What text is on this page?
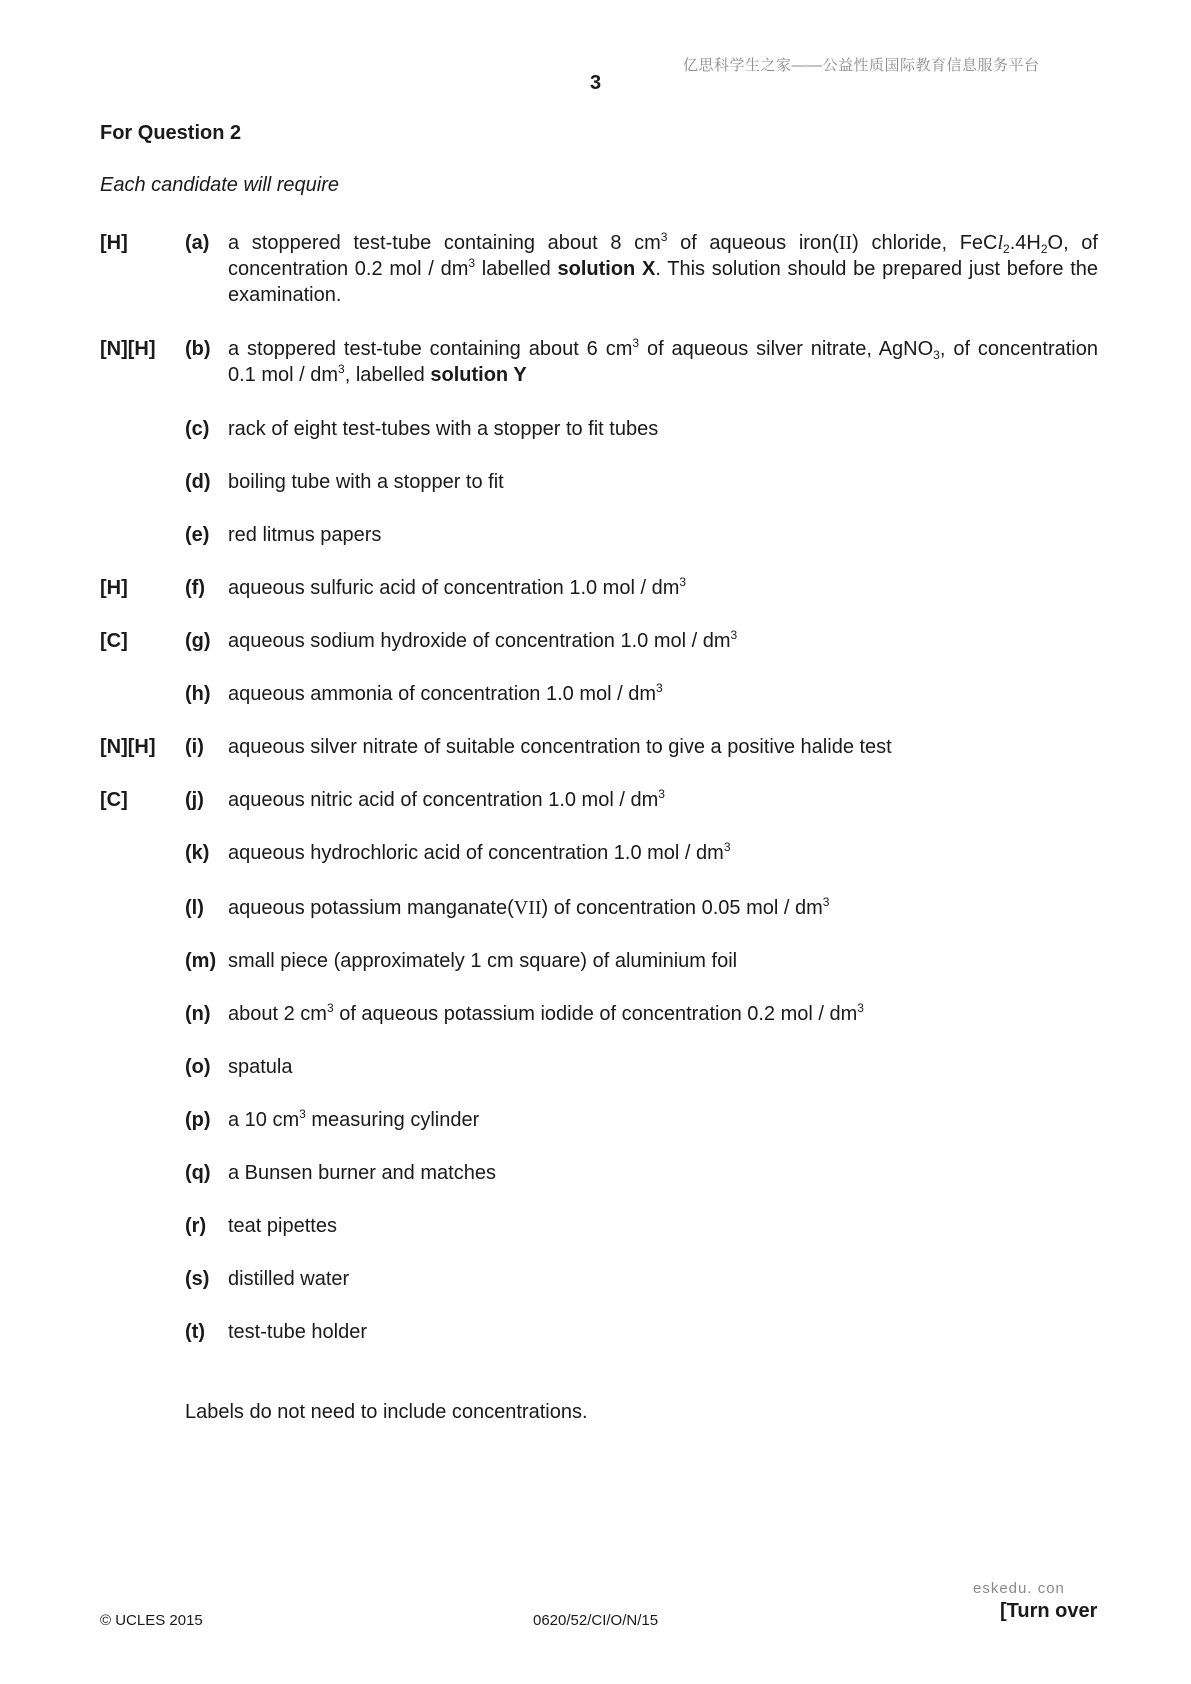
亿思科学生之家——公益性质国际教育信息服务平台
3
For Question 2
Each candidate will require
[H]	(a) a stoppered test-tube containing about 8 $cm^3$ of aqueous iron(II) chloride, $FeCl_2.4H_2O$, of concentration 0.2 mol / $dm^3$ labelled solution X. This solution should be prepared just before the examination.
[N][H] (b) a stoppered test-tube containing about 6 $cm^3$ of aqueous silver nitrate, AgNO$_3$, of concentration 0.1 mol / $dm^3$, labelled solution Y
(c) rack of eight test-tubes with a stopper to fit tubes
(d) boiling tube with a stopper to fit
(e) red litmus papers
[H]	(f) aqueous sulfuric acid of concentration 1.0 mol / $dm^3$
[C]	(g) aqueous sodium hydroxide of concentration 1.0 mol / $dm^3$
(h) aqueous ammonia of concentration 1.0 mol / $dm^3$
[N][H] (i) aqueous silver nitrate of suitable concentration to give a positive halide test
[C]	(j) aqueous nitric acid of concentration 1.0 mol / $dm^3$
(k) aqueous hydrochloric acid of concentration 1.0 mol / $dm^3$
(l) aqueous potassium manganate(VII) of concentration 0.05 mol / $dm^3$
(m) small piece (approximately 1 cm square) of aluminium foil
(n) about 2 $cm^3$ of aqueous potassium iodide of concentration 0.2 mol / $dm^3$
(o) spatula
(p) a 10 $cm^3$ measuring cylinder
(q) a Bunsen burner and matches
(r) teat pipettes
(s) distilled water
(t) test-tube holder
Labels do not need to include concentrations.
eskedu. con
[Turn over
© UCLES 2015	0620/52/CI/O/N/15
